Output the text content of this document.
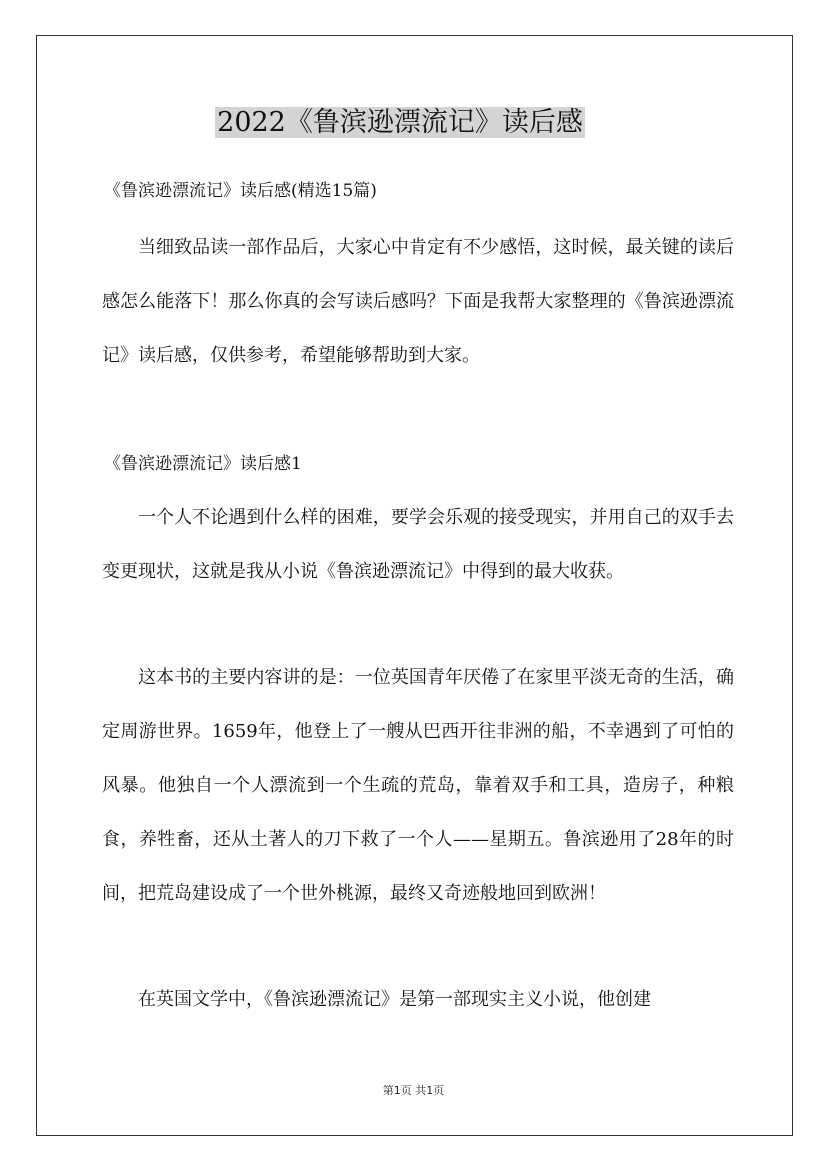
2022《鲁滨逊漂流记》读后感
《鲁滨逊漂流记》读后感(精选15篇)
当细致品读一部作品后，大家心中肯定有不少感悟，这时候，最关键的读后感怎么能落下！那么你真的会写读后感吗？下面是我帮大家整理的《鲁滨逊漂流记》读后感，仅供参考，希望能够帮助到大家。
《鲁滨逊漂流记》读后感1
一个人不论遇到什么样的困难，要学会乐观的接受现实，并用自己的双手去变更现状，这就是我从小说《鲁滨逊漂流记》中得到的最大收获。
这本书的主要内容讲的是：一位英国青年厌倦了在家里平淡无奇的生活，确定周游世界。1659年，他登上了一艘从巴西开往非洲的船，不幸遇到了可怕的风暴。他独自一个人漂流到一个生疏的荒岛，靠着双手和工具，造房子，种粮食，养牲畜，还从土著人的刀下救了一个人——星期五。鲁滨逊用了28年的时间，把荒岛建设成了一个世外桃源，最终又奇迹般地回到欧洲！
在英国文学中，《鲁滨逊漂流记》是第一部现实主义小说，他创建
第1页 共1页
